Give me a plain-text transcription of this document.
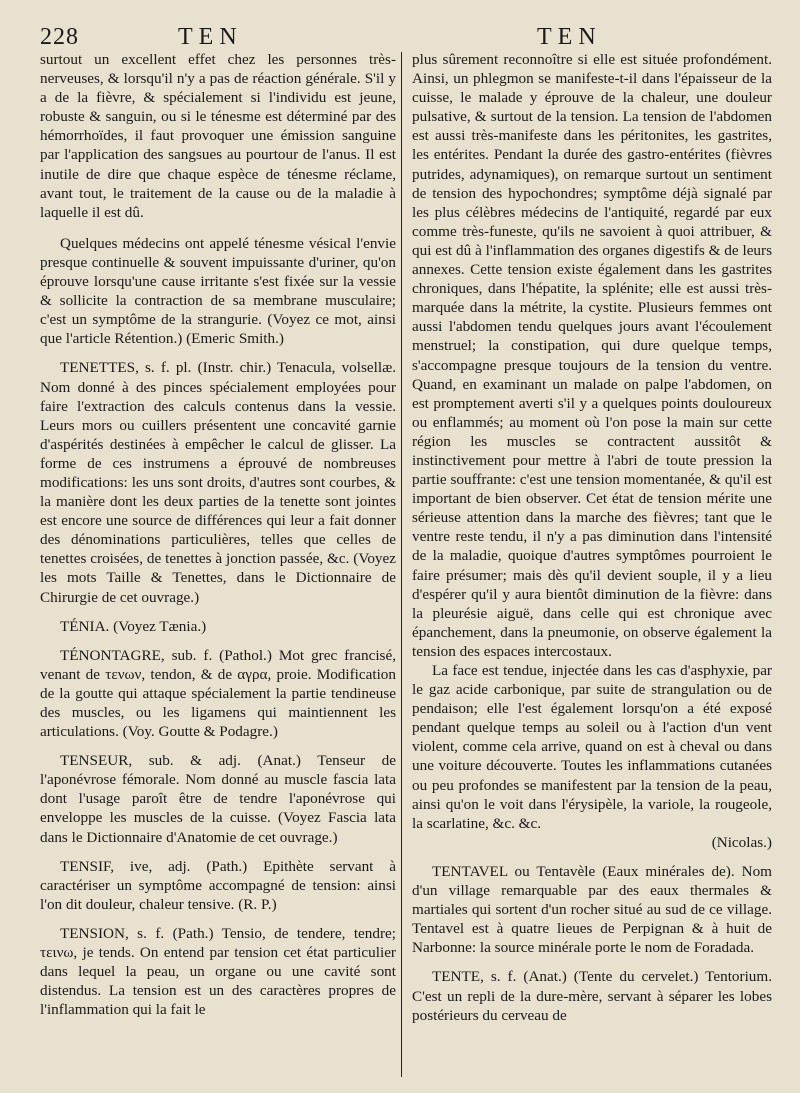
228	TEN	TEN

surtout un excellent effet chez les personnes très-nerveuses, & lorsqu'il n'y a pas de réaction générale. S'il y a de la fièvre, & spécialement si l'individu est jeune, robuste & sanguin, ou si le ténesme est déterminé par des hémorrhoïdes, il faut provoquer une émission sanguine par l'application des sangsues au pourtour de l'anus. Il est inutile de dire que chaque espèce de ténesme réclame, avant tout, le traitement de la cause ou de la maladie à laquelle il est dû.

Quelques médecins ont appelé ténesme vésical l'envie presque continuelle & souvent impuissante d'uriner, qu'on éprouve lorsqu'une cause irritante s'est fixée sur la vessie & sollicite la contraction de sa membrane musculaire; c'est un symptôme de la strangurie. (Voyez ce mot, ainsi que l'article Rétention.) (Emeric Smith.)

TENETTES, s. f. pl. (Instr. chir.) Tenacula, volsellæ. Nom donné à des pinces spécialement employées pour faire l'extraction des calculs contenus dans la vessie. Leurs mors ou cuillers présentent une concavité garnie d'aspérités destinées à empêcher le calcul de glisser. La forme de ces instrumens a éprouvé de nombreuses modifications: les uns sont droits, d'autres sont courbes, & la manière dont les deux parties de la tenette sont jointes est encore une source de différences qui leur a fait donner des dénominations particulières, telles que celles de tenettes croisées, de tenettes à jonction passée, &c. (Voyez les mots Taille & Tenettes, dans le Dictionnaire de Chirurgie de cet ouvrage.)

TÉNIA. (Voyez Tænia.)

TÉNONTAGRE, sub. f. (Pathol.) Mot grec francisé, venant de τενων, tendon, & de αγρα, proie. Modification de la goutte qui attaque spécialement la partie tendineuse des muscles, ou les ligamens qui maintiennent les articulations. (Voy. Goutte & Podagre.)

TENSEUR, sub. & adj. (Anat.) Tenseur de l'aponévrose fémorale. Nom donné au muscle fascia lata dont l'usage paroît être de tendre l'aponévrose qui enveloppe les muscles de la cuisse. (Voyez Fascia lata dans le Dictionnaire d'Anatomie de cet ouvrage.)

TENSIF, ive, adj. (Path.) Epithète servant à caractériser un symptôme accompagné de tension: ainsi l'on dit douleur, chaleur tensive. (R. P.)

TENSION, s. f. (Path.) Tensio, de tendere, tendre; τεινω, je tends. On entend par tension cet état particulier dans lequel la peau, un organe ou une cavité sont distendus. La tension est un des caractères propres de l'inflammation qui la fait le

plus sûrement reconnoître si elle est située profondément. Ainsi, un phlegmon se manifeste-t-il dans l'épaisseur de la cuisse, le malade y éprouve de la chaleur, une douleur pulsative, & surtout de la tension. La tension de l'abdomen est aussi très-manifeste dans les péritonites, les gastrites, les entérites. Pendant la durée des gastro-entérites (fièvres putrides, adynamiques), on remarque surtout un sentiment de tension des hypochondres; symptôme déjà signalé par les plus célèbres médecins de l'antiquité, regardé par eux comme très-funeste, qu'ils ne savoient à quoi attribuer, & qui est dû à l'inflammation des organes digestifs & de leurs annexes. Cette tension existe également dans les gastrites chroniques, dans l'hépatite, la splénite; elle est aussi très-marquée dans la métrite, la cystite. Plusieurs femmes ont aussi l'abdomen tendu quelques jours avant l'écoulement menstruel; la constipation, qui dure quelque temps, s'accompagne presque toujours de la tension du ventre. Quand, en examinant un malade on palpe l'abdomen, on est promptement averti s'il y a quelques points douloureux ou enflammés; au moment où l'on pose la main sur cette région les muscles se contractent aussitôt & instinctivement pour mettre à l'abri de toute pression la partie souffrante: c'est une tension momentanée, & qu'il est important de bien observer. Cet état de tension mérite une sérieuse attention dans la marche des fièvres; tant que le ventre reste tendu, il n'y a pas diminution dans l'intensité de la maladie, quoique d'autres symptômes pourroient le faire présumer; mais dès qu'il devient souple, il y a lieu d'espérer qu'il y aura bientôt diminution de la fièvre: dans la pleurésie aiguë, dans celle qui est chronique avec épanchement, dans la pneumonie, on observe également la tension des espaces intercostaux.

La face est tendue, injectée dans les cas d'asphyxie, par le gaz acide carbonique, par suite de strangulation ou de pendaison; elle l'est également lorsqu'on a été exposé pendant quelque temps au soleil ou à l'action d'un vent violent, comme cela arrive, quand on est à cheval ou dans une voiture découverte. Toutes les inflammations cutanées ou peu profondes se manifestent par la tension de la peau, ainsi qu'on le voit dans l'érysipèle, la variole, la rougeole, la scarlatine, &c. &c.

(Nicolas.)

TENTAVEL ou Tentavèle (Eaux minérales de). Nom d'un village remarquable par des eaux thermales & martiales qui sortent d'un rocher situé au sud de ce village. Tentavel est à quatre lieues de Perpignan & à huit de Narbonne: la source minérale porte le nom de Foradada.

TENTE, s. f. (Anat.) (Tente du cervelet.) Tentorium. C'est un repli de la dure-mère, servant à séparer les lobes postérieurs du cerveau de
